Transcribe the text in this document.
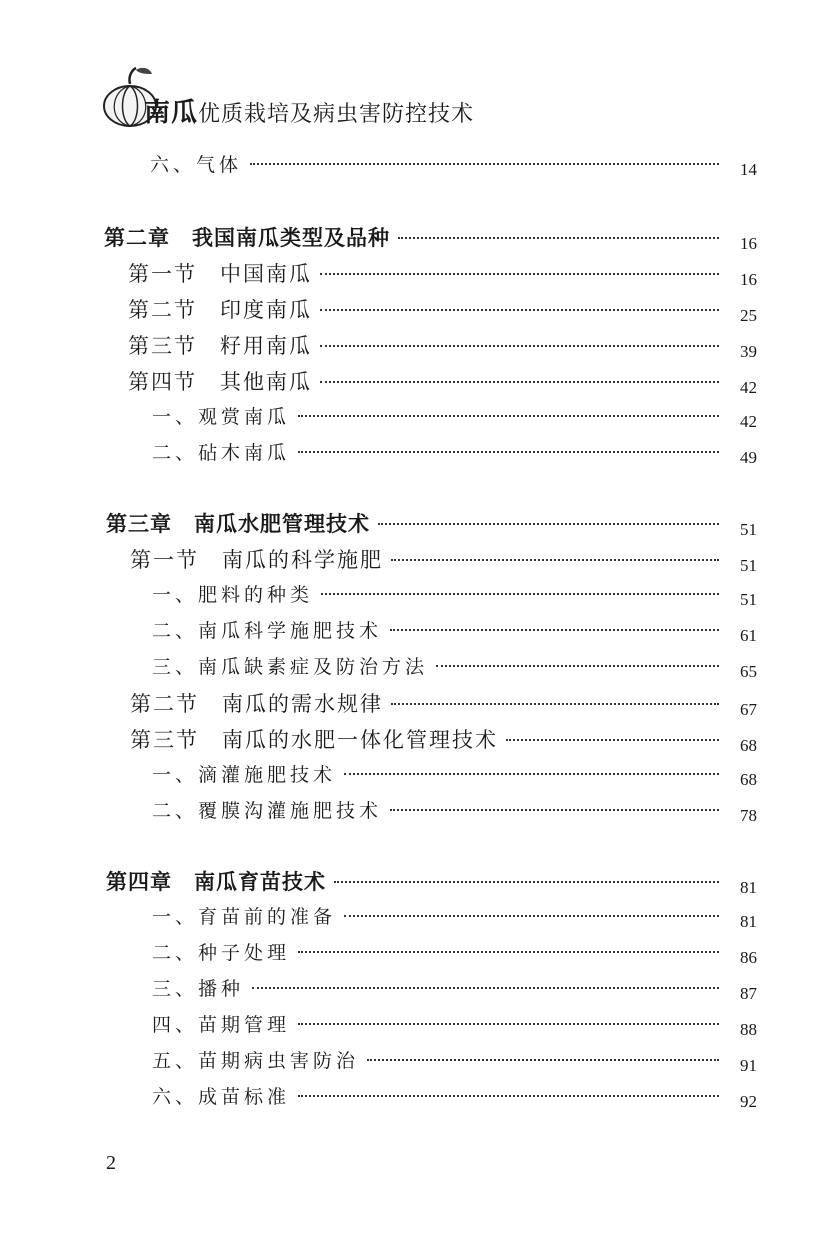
南瓜优质栽培及病虫害防控技术
六、气体	14
第二章　我国南瓜类型及品种	16
第一节　中国南瓜	16
第二节　印度南瓜	25
第三节　籽用南瓜	39
第四节　其他南瓜	42
一、观赏南瓜	42
二、砧木南瓜	49
第三章　南瓜水肥管理技术	51
第一节　南瓜的科学施肥	51
一、肥料的种类	51
二、南瓜科学施肥技术	61
三、南瓜缺素症及防治方法	65
第二节　南瓜的需水规律	67
第三节　南瓜的水肥一体化管理技术	68
一、滴灌施肥技术	68
二、覆膜沟灌施肥技术	78
第四章　南瓜育苗技术	81
一、育苗前的准备	81
二、种子处理	86
三、播种	87
四、苗期管理	88
五、苗期病虫害防治	91
六、成苗标准	92
2
